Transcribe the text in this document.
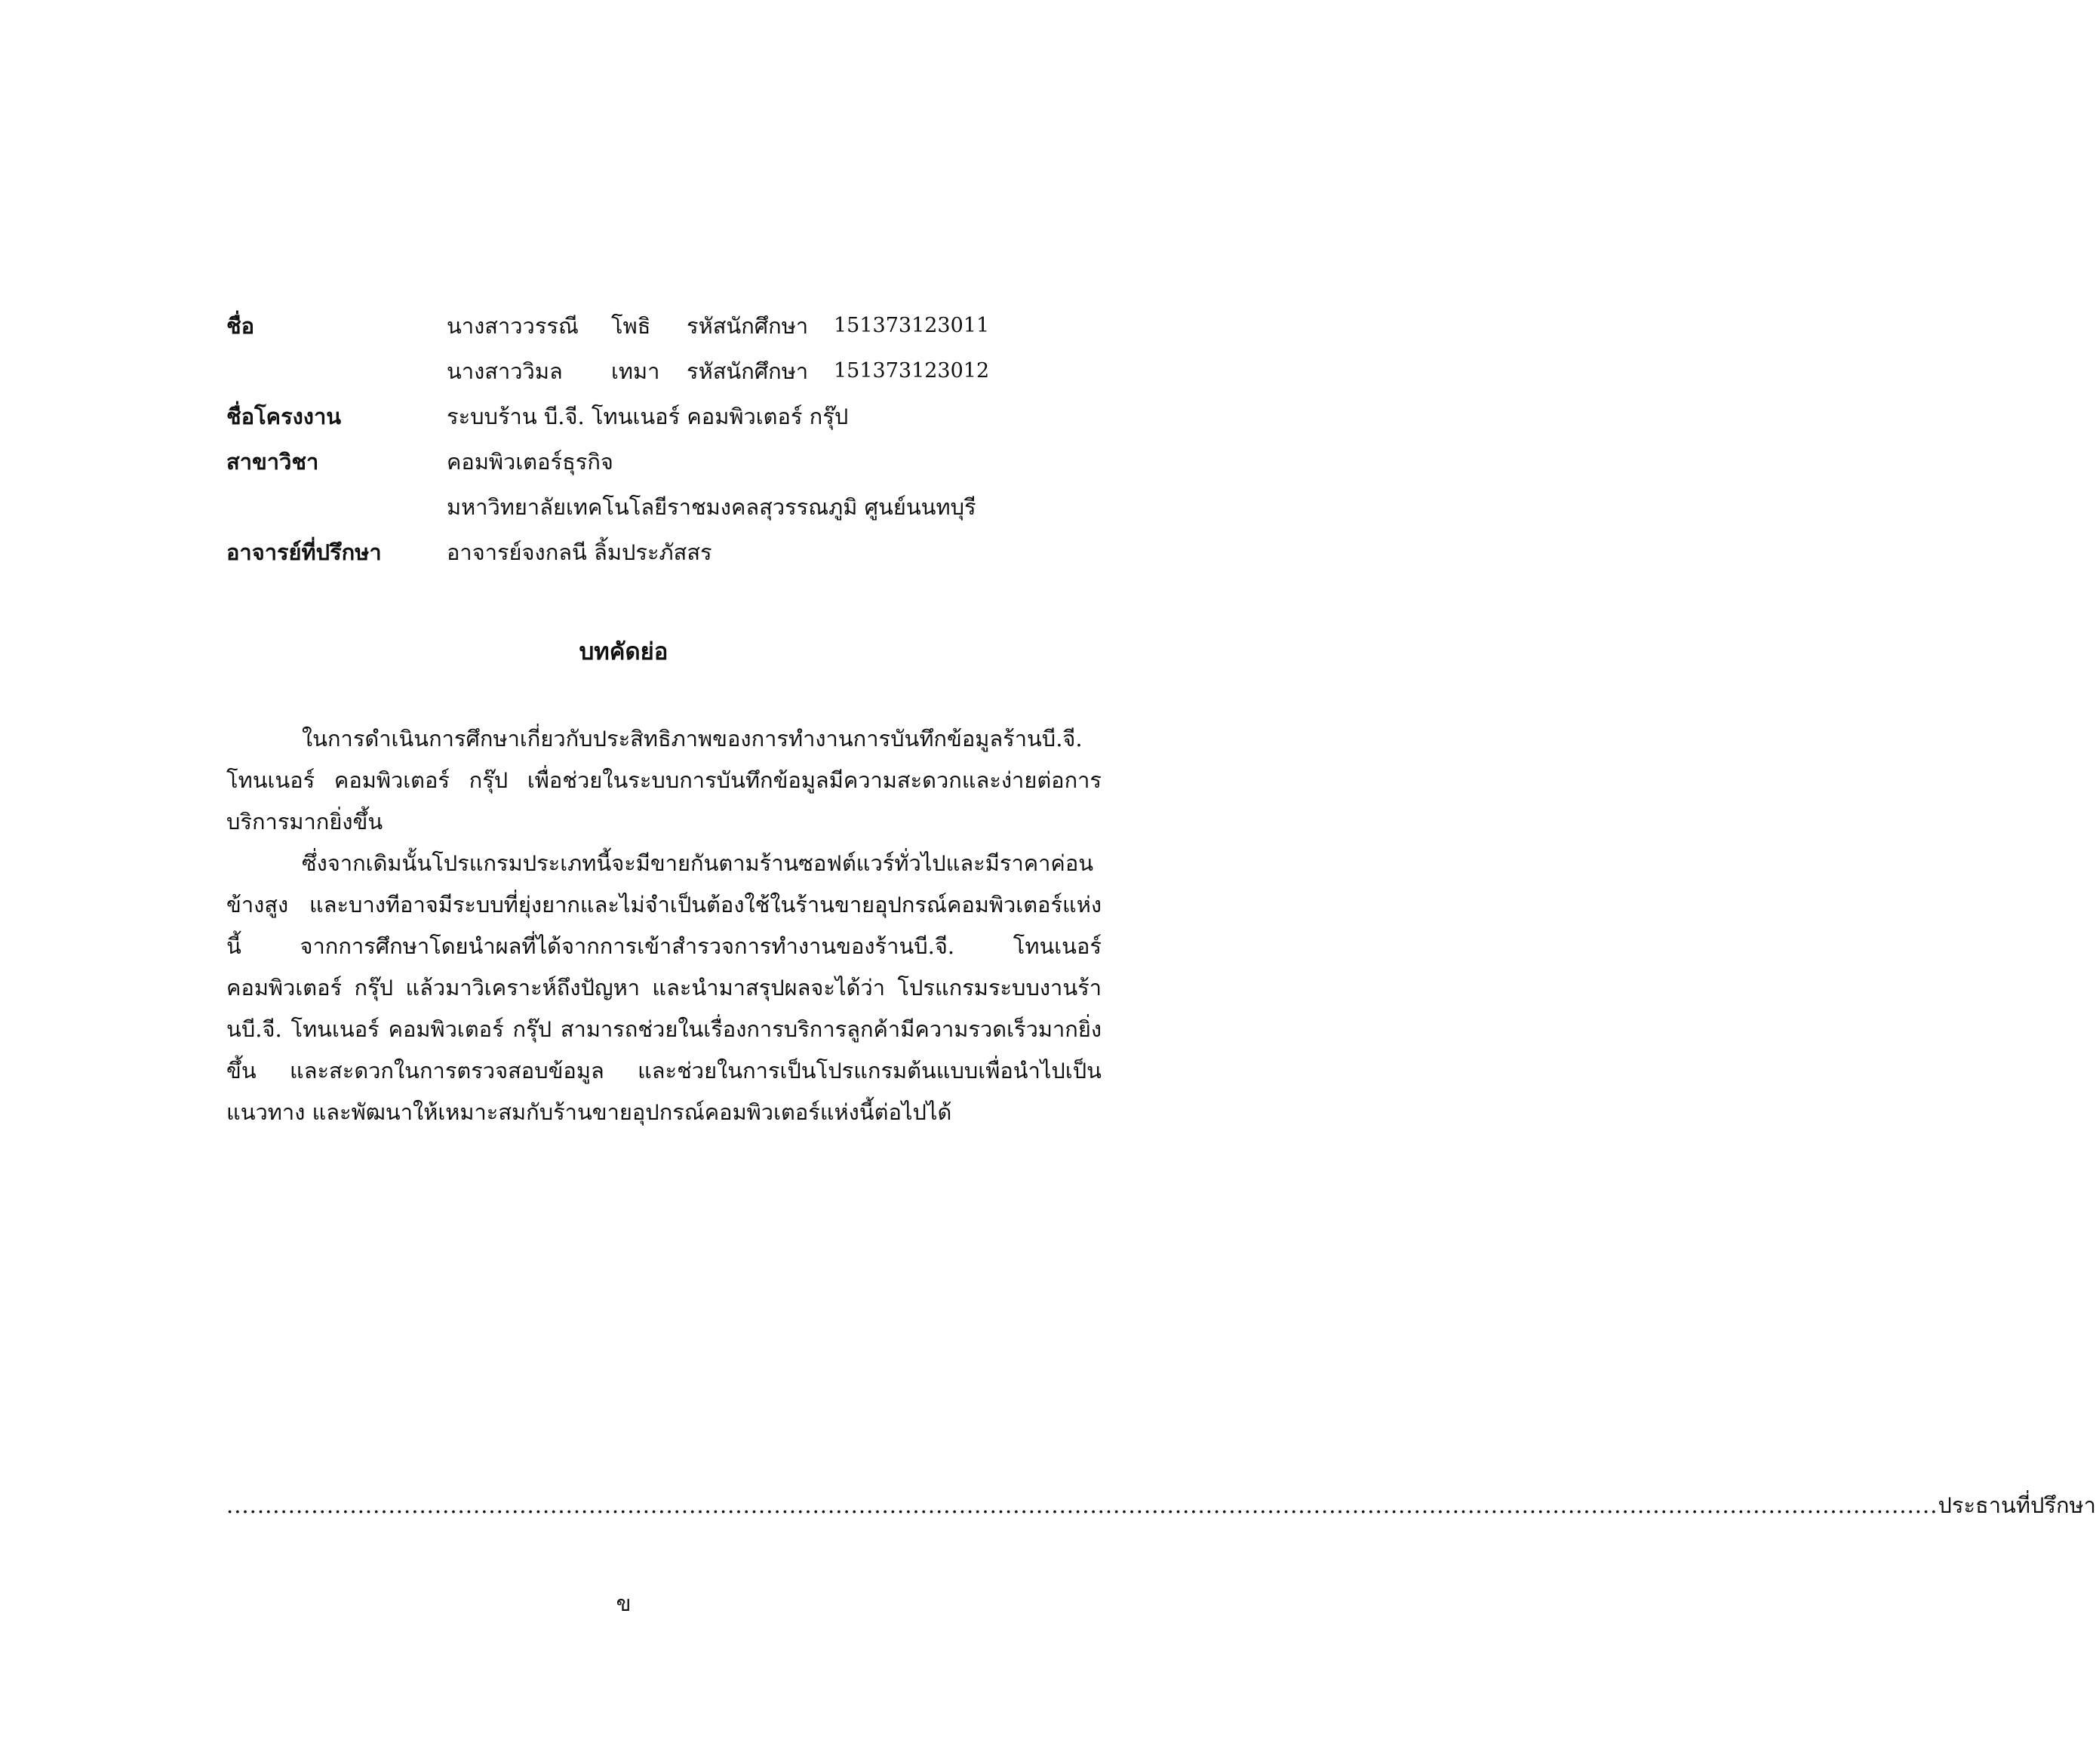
ชื่อ	นางสาววรรณี โพธิ รหัสนักศึกษา 151373123011
นางสาววิมล เทมา รหัสนักศึกษา 151373123012
ชื่อโครงงาน	ระบบร้าน บี.จี. โทนเนอร์ คอมพิวเตอร์ กรุ๊ป
สาขาวิชา	คอมพิวเตอร์ธุรกิจ
มหาวิทยาลัยเทคโนโลยีราชมงคลสุวรรณภูมิ ศูนย์นนทบุรี
อาจารย์ที่ปรึกษา	อาจารย์จงกลนี ลิ้มประภัสสร
บทคัดย่อ

ในการดำเนินการศึกษาเกี่ยวกับประสิทธิภาพของการทำงานการบันทึกข้อมูลร้านบี.จี. โทนเนอร์ คอมพิวเตอร์ กรุ๊ป เพื่อช่วยในระบบการบันทึกข้อมูลมีความสะดวกและง่ายต่อการบริการมากยิ่งขึ้น

ซึ่งจากเดิมนั้นโปรแกรมประเภทนี้จะมีขายกันตามร้านซอฟต์แวร์ทั่วไปและมีราคาค่อนข้างสูง และบางทีอาจมีระบบที่ยุ่งยากและไม่จำเป็นต้องใช้ในร้านขายอุปกรณ์คอมพิวเตอร์แห่งนี้ จากการศึกษาโดยนำผลที่ได้จากการเข้าสำรวจการทำงานของร้านบี.จี. โทนเนอร์ คอมพิวเตอร์ กรุ๊ป แล้วมาวิเคราะห์ถึงปัญหา และนำมาสรุปผลจะได้ว่า โปรแกรมระบบงานร้านบี.จี. โทนเนอร์ คอมพิวเตอร์ กรุ๊ป สามารถช่วยในเรื่องการบริการลูกค้ามีความรวดเร็วมากยิ่งขึ้น และสะดวกในการตรวจสอบข้อมูล และช่วยในการเป็นโปรแกรมต้นแบบเพื่อนำไปเป็นแนวทาง และพัฒนาให้เหมาะสมกับร้านขายอุปกรณ์คอมพิวเตอร์แห่งนี้ต่อไปได้

.............................................................................................................................................................................................................................. ประธานที่ปรึกษา
ข
